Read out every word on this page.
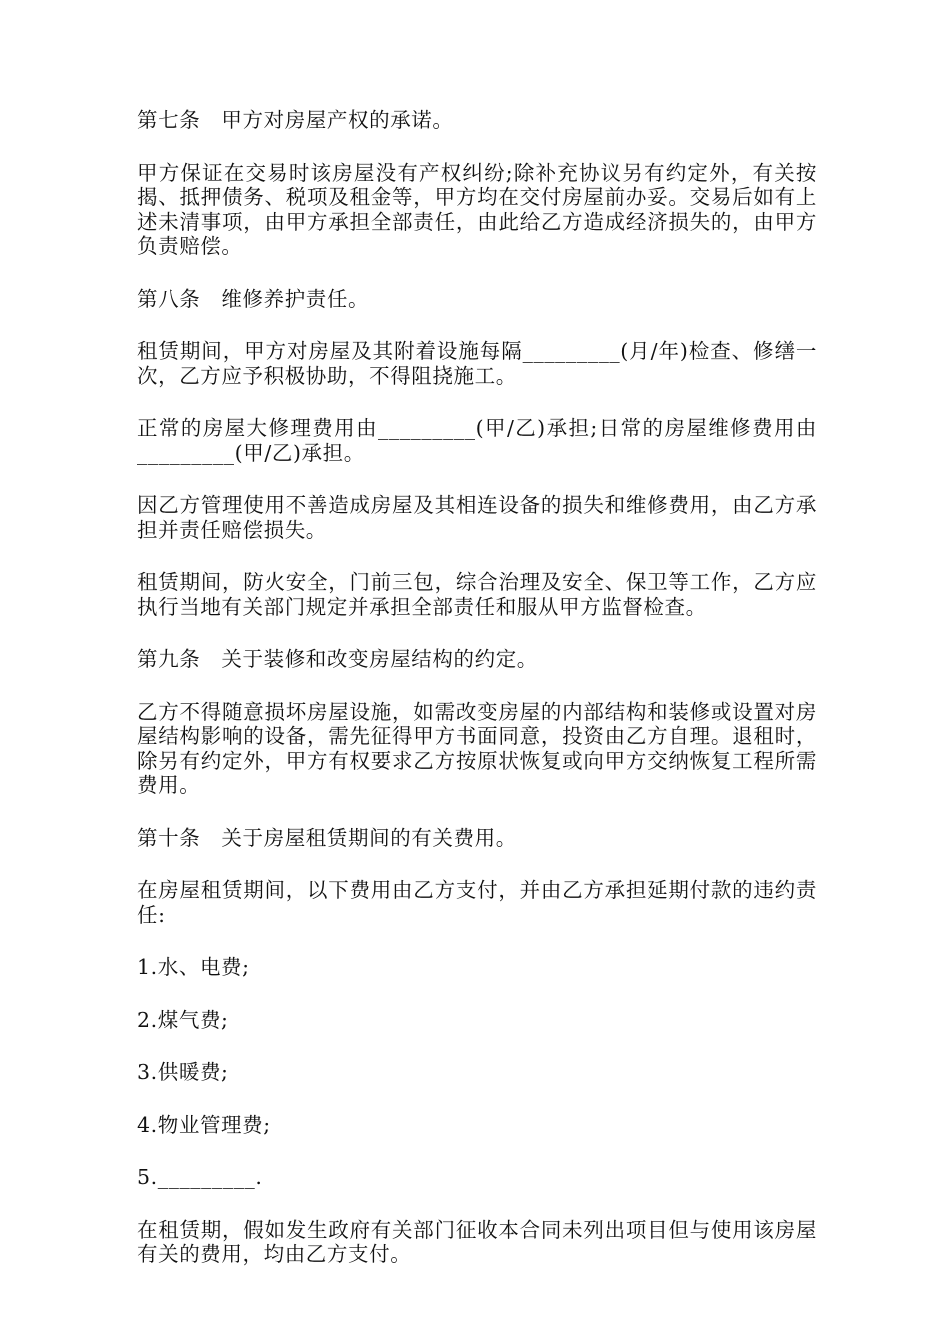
第七条　甲方对房屋产权的承诺。
甲方保证在交易时该房屋没有产权纠纷;除补充协议另有约定外，有关按揭、抵押债务、税项及租金等，甲方均在交付房屋前办妥。交易后如有上述未清事项，由甲方承担全部责任，由此给乙方造成经济损失的，由甲方负责赔偿。
第八条　维修养护责任。
租赁期间，甲方对房屋及其附着设施每隔_________(月/年)检查、修缮一次，乙方应予积极协助，不得阻挠施工。
正常的房屋大修理费用由_________(甲/乙)承担;日常的房屋维修费用由_________(甲/乙)承担。
因乙方管理使用不善造成房屋及其相连设备的损失和维修费用，由乙方承担并责任赔偿损失。
租赁期间，防火安全，门前三包，综合治理及安全、保卫等工作，乙方应执行当地有关部门规定并承担全部责任和服从甲方监督检查。
第九条　关于装修和改变房屋结构的约定。
乙方不得随意损坏房屋设施，如需改变房屋的内部结构和装修或设置对房屋结构影响的设备，需先征得甲方书面同意，投资由乙方自理。退租时，除另有约定外，甲方有权要求乙方按原状恢复或向甲方交纳恢复工程所需费用。
第十条　关于房屋租赁期间的有关费用。
在房屋租赁期间，以下费用由乙方支付，并由乙方承担延期付款的违约责任:
1.水、电费;
2.煤气费;
3.供暖费;
4.物业管理费;
5._________.
在租赁期，假如发生政府有关部门征收本合同未列出项目但与使用该房屋有关的费用，均由乙方支付。
